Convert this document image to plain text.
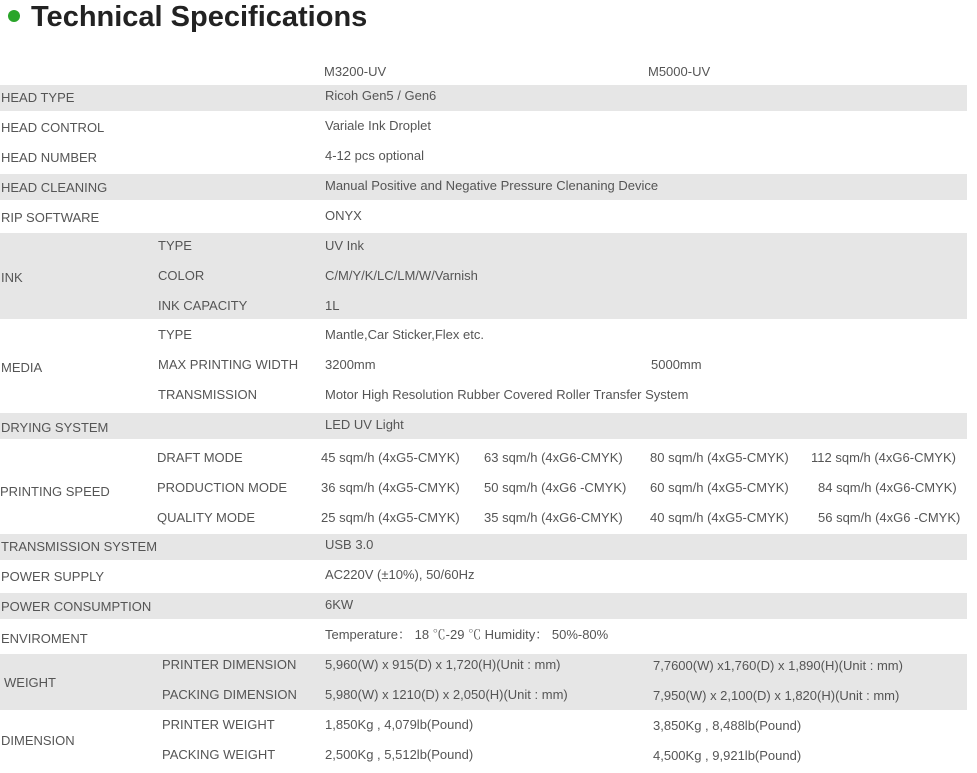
Technical Specifications
M3200-UV	M5000-UV
HEAD TYPE	Ricoh Gen5 / Gen6
HEAD CONTROL	Variale Ink Droplet
HEAD NUMBER	4-12 pcs optional
HEAD CLEANING	Manual Positive and Negative Pressure Clenaning Device
RIP SOFTWARE	ONYX
INK
TYPE	UV Ink
COLOR	C/M/Y/K/LC/LM/W/Varnish
INK CAPACITY	1L
MEDIA
TYPE	Mantle,Car Sticker,Flex etc.
MAX PRINTING WIDTH 3200mm	5000mm
TRANSMISSION	Motor High Resolution Rubber Covered Roller Transfer System
DRYING SYSTEM	LED UV Light
PRINTING SPEED
DRAFT MODE	45 sqm/h (4xG5-CMYK) 63 sqm/h (4xG6-CMYK) 80 sqm/h (4xG5-CMYK) 112 sqm/h (4xG6-CMYK)
PRODUCTION MODE	36 sqm/h (4xG5-CMYK) 50 sqm/h (4xG6 -CMYK) 60 sqm/h (4xG5-CMYK) 84 sqm/h (4xG6-CMYK)
QUALITY MODE	25 sqm/h (4xG5-CMYK) 35 sqm/h (4xG6-CMYK) 40 sqm/h (4xG5-CMYK) 56 sqm/h (4xG6 -CMYK)
TRANSMISSION SYSTEM	USB 3.0
POWER SUPPLY	AC220V (±10%), 50/60Hz
POWER CONSUMPTION	6KW
ENVIROMENT	Temperature： 18 ℃-29 ℃ Humidity： 50%-80%
WEIGHT
PRINTER DIMENSION 5,960(W) x 915(D) x 1,720(H)(Unit : mm)	7,7600(W) x1,760(D) x 1,890(H)(Unit : mm)
PACKING DIMENSION 5,980(W) x 1210(D) x 2,050(H)(Unit : mm)	7,950(W) x 2,100(D) x 1,820(H)(Unit : mm)
DIMENSION
PRINTER WEIGHT	1,850Kg , 4,079lb(Pound)	3,850Kg , 8,488lb(Pound)
PACKING WEIGHT	2,500Kg , 5,512lb(Pound)	4,500Kg , 9,921lb(Pound)
